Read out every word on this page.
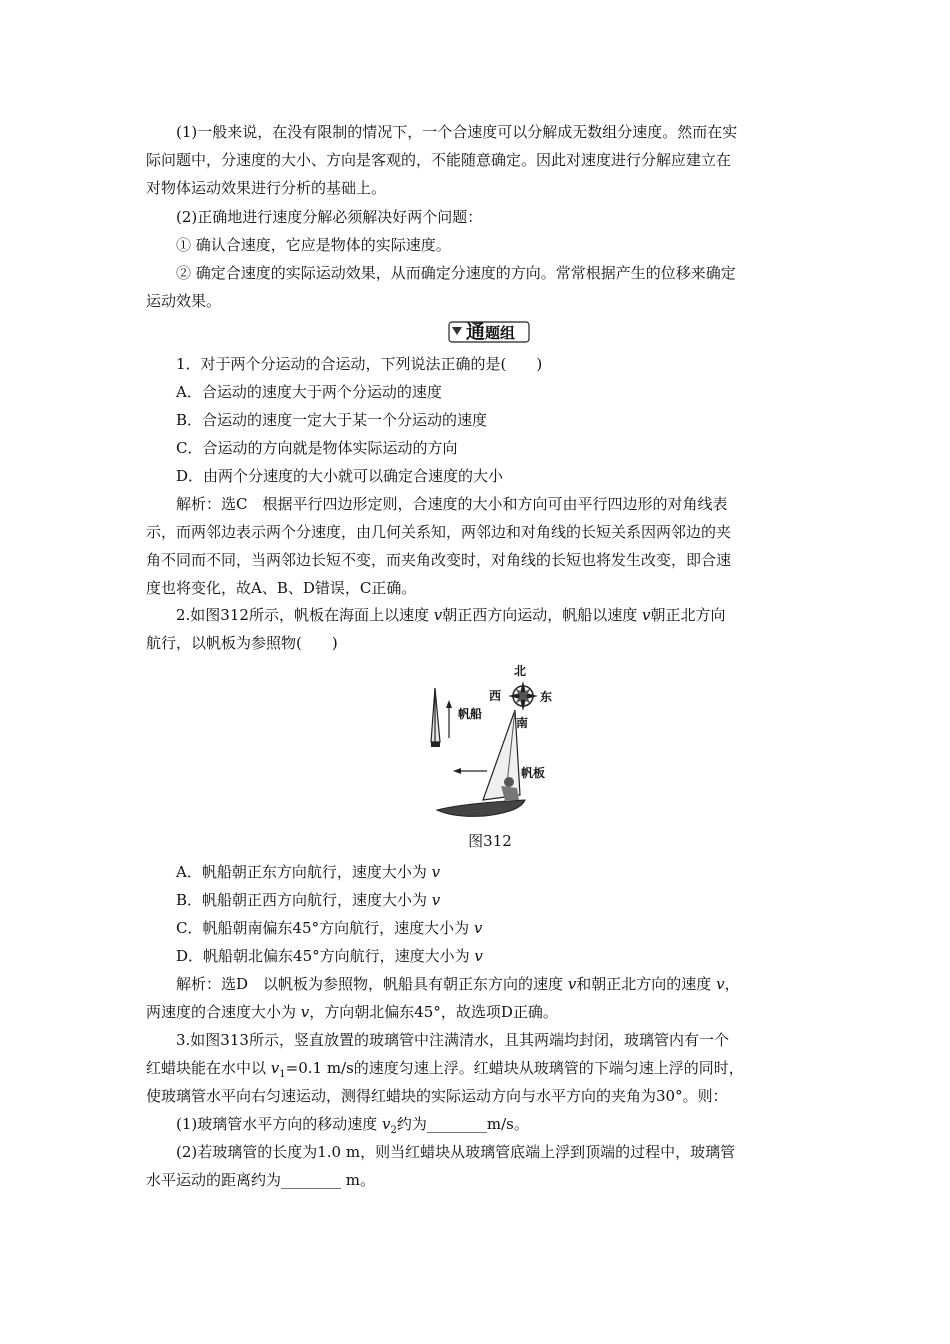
(1)一般来说，在没有限制的情况下，一个合速度可以分解成无数组分速度。然而在实
际问题中，分速度的大小、方向是客观的，不能随意确定。因此对速度进行分解应建立在
对物体运动效果进行分析的基础上。
(2)正确地进行速度分解必须解决好两个问题：
① 确认合速度，它应是物体的实际速度。
② 确定合速度的实际运动效果，从而确定分速度的方向。常常根据产生的位移来确定
运动效果。
通题组
1．对于两个分运动的合运动，下列说法正确的是(　　)
A．合运动的速度大于两个分运动的速度
B．合运动的速度一定大于某一个分运动的速度
C．合运动的方向就是物体实际运动的方向
D．由两个分速度的大小就可以确定合速度的大小
解析：选C　根据平行四边形定则，合速度的大小和方向可由平行四边形的对角线表
示，而两邻边表示两个分速度，由几何关系知，两邻边和对角线的长短关系因两邻边的夹
角不同而不同，当两邻边长短不变，而夹角改变时，对角线的长短也将发生改变，即合速
度也将变化，故A、B、D错误，C正确。
2.如图312所示，帆板在海面上以速度 v朝正西方向运动，帆船以速度 v朝正北方向
航行，以帆板为参照物(　　)
北
西	东
南
帆船
帆板
图312
A．帆船朝正东方向航行，速度大小为 v
B．帆船朝正西方向航行，速度大小为 v
C．帆船朝南偏东45°方向航行，速度大小为 v
D．帆船朝北偏东45°方向航行，速度大小为 v
解析：选D　以帆板为参照物，帆船具有朝正东方向的速度 v和朝正北方向的速度 v，
两速度的合速度大小为 v，方向朝北偏东45°，故选项D正确。
3.如图313所示，竖直放置的玻璃管中注满清水，且其两端均封闭，玻璃管内有一个
红蜡块能在水中以 $v_1=0.1$ m/s的速度匀速上浮。红蜡块从玻璃管的下端匀速上浮的同时，
使玻璃管水平向右匀速运动，测得红蜡块的实际运动方向与水平方向的夹角为30°。则：
(1)玻璃管水平方向的移动速度 $v_2$约为________m/s。
(2)若玻璃管的长度为1.0 m，则当红蜡块从玻璃管底端上浮到顶端的过程中，玻璃管
水平运动的距离约为________ m。
